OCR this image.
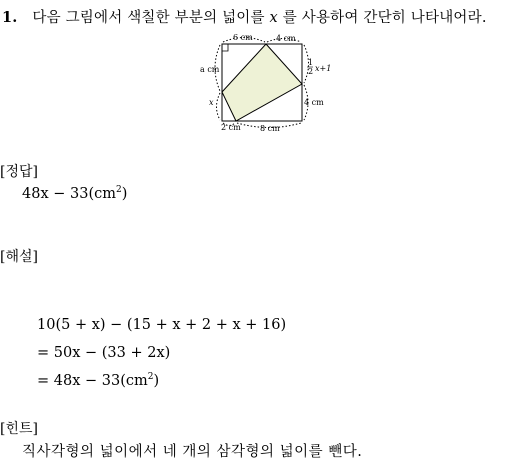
1. 다음 그림에서 색칠한 부분의 넓이를 x 를 사용하여 간단히 나타내어라.
6 cm	4 cm
a cm
x
1
2 x+1
4 cm
2 cm 8 cm
[정답]
$48x - 33(cm^2)$
[해설]
10(5 + x) − (15 + x + 2 + x + 16)
= 50x − (33 + 2x)
= $48x - 33(cm^2)$
[힌트]
직사각형의 넓이에서 네 개의 삼각형의 넓이를 뺀다.
